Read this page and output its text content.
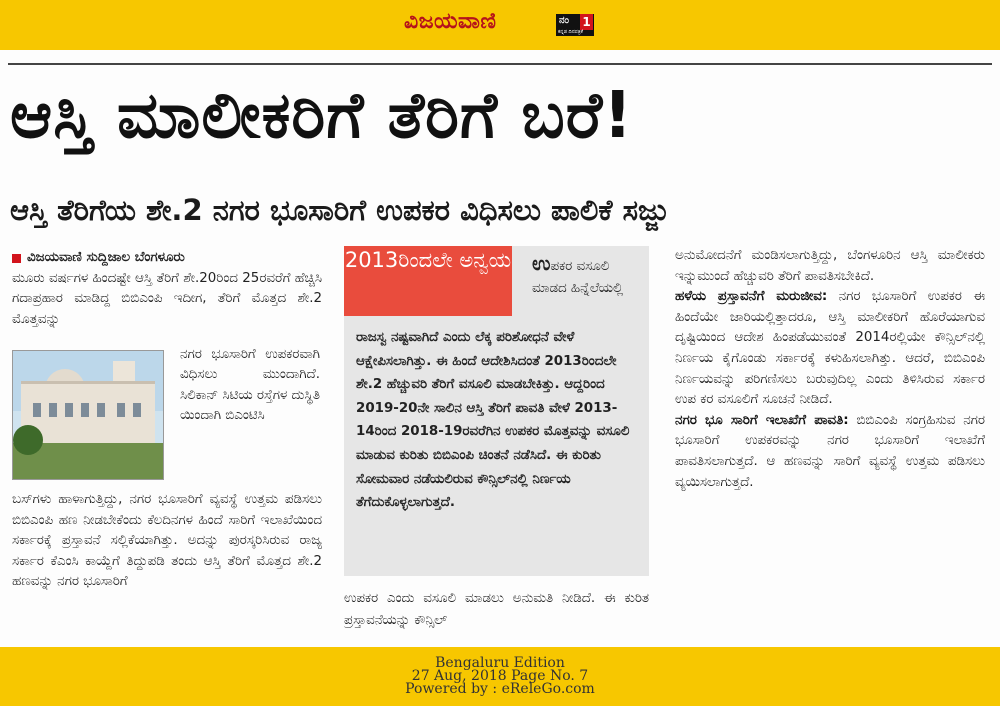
ವಿಜಯವಾಣಿ	ನಂ 1
ಕನ್ನಡ ದಿನಪತ್ರಿಕೆ
ಆಸ್ತಿ ಮಾಲೀಕರಿಗೆ ತೆರಿಗೆ ಬರೆ!
ಆಸ್ತಿ ತೆರಿಗೆಯ ಶೇ.2 ನಗರ ಭೂಸಾರಿಗೆ ಉಪಕರ ವಿಧಿಸಲು ಪಾಲಿಕೆ ಸಜ್ಜು
ವಿಜಯವಾಣಿ ಸುದ್ದಿಜಾಲ ಬೆಂಗಳೂರು
ಮೂರು ವರ್ಷಗಳ ಹಿಂದಷ್ಟೇ ಆಸ್ತಿ ತೆರಿಗೆ ಶೇ.20ರಿಂದ 25ರವರೆಗೆ ಹೆಚ್ಚಿಸಿ ಗದಾಪ್ರಹಾರ ಮಾಡಿದ್ದ ಬಿಬಿಎಂಪಿ ಇದೀಗ, ತೆರಿಗೆ ಮೊತ್ತದ ಶೇ.2 ಮೊತ್ತವನ್ನು
ನಗರ ಭೂಸಾರಿಗೆ ಉಪಕರವಾಗಿ ವಿಧಿಸಲು ಮುಂದಾಗಿದೆ. ಸಿಲಿಕಾನ್ ಸಿಟಿಯ ರಸ್ತೆಗಳ ದುಸ್ಥಿತಿ ಯಿಂದಾಗಿ ಬಿಎಂಟಿಸಿ
ಬಸ್‌ಗಳು ಹಾಳಾಗುತ್ತಿದ್ದು, ನಗರ ಭೂಸಾರಿಗೆ ವ್ಯವಸ್ಥೆ ಉತ್ತಮ ಪಡಿಸಲು ಬಿಬಿಎಂಪಿ ಹಣ ನೀಡಬೇಕೆಂದು ಕೆಲದಿನಗಳ ಹಿಂದೆ ಸಾರಿಗೆ ಇಲಾಖೆಯಿಂದ ಸರ್ಕಾರಕ್ಕೆ ಪ್ರಸ್ತಾವನೆ ಸಲ್ಲಿಕೆಯಾಗಿತ್ತು. ಅದನ್ನು ಪುರಸ್ಕರಿಸಿರುವ ರಾಜ್ಯ ಸರ್ಕಾರ ಕೆಎಂಸಿ ಕಾಯ್ದೆಗೆ ತಿದ್ದುಪಡಿ ತಂದು ಆಸ್ತಿ ತೆರಿಗೆ ಮೊತ್ತದ ಶೇ.2 ಹಣವನ್ನು ನಗರ ಭೂಸಾರಿಗೆ
2013ರಿಂದಲೇ ಅನ್ವಯ ಉಪಕರ ವಸೂಲಿ ಮಾಡದ ಹಿನ್ನೆಲೆಯಲ್ಲಿ
ರಾಜಸ್ವ ನಷ್ಟವಾಗಿದೆ ಎಂದು ಲೆಕ್ಕ ಪರಿಶೋಧನೆ ವೇಳೆ ಆಕ್ಷೇಪಿಸಲಾಗಿತ್ತು. ಈ ಹಿಂದೆ ಆದೇಶಿಸಿದಂತೆ 2013ರಿಂದಲೇ ಶೇ.2 ಹೆಚ್ಚುವರಿ ತೆರಿಗೆ ವಸೂಲಿ ಮಾಡಬೇಕಿತ್ತು. ಆದ್ದರಿಂದ 2019-20ನೇ ಸಾಲಿನ ಆಸ್ತಿ ತೆರಿಗೆ ಪಾವತಿ ವೇಳೆ 2013-14ರಿಂದ 2018-19ರವರೆಗಿನ ಉಪಕರ ಮೊತ್ತವನ್ನು ವಸೂಲಿ ಮಾಡುವ ಕುರಿತು ಬಿಬಿಎಂಪಿ ಚಿಂತನೆ ನಡೆಸಿದೆ. ಈ ಕುರಿತು ಸೋಮವಾರ ನಡೆಯಲಿರುವ ಕೌನ್ಸಿಲ್‌ನಲ್ಲಿ ನಿರ್ಣಯ ತೆಗೆದುಕೊಳ್ಳಲಾಗುತ್ತದೆ.
ಉಪಕರ ಎಂದು ವಸೂಲಿ ಮಾಡಲು ಅನುಮತಿ ನೀಡಿದೆ. ಈ ಕುರಿತ ಪ್ರಸ್ತಾವನೆಯನ್ನು ಕೌನ್ಸಿಲ್
ಅನುಮೋದನೆಗೆ ಮಂಡಿಸಲಾಗುತ್ತಿದ್ದು, ಬೆಂಗಳೂರಿನ ಆಸ್ತಿ ಮಾಲೀಕರು ಇನ್ನುಮುಂದೆ ಹೆಚ್ಚುವರಿ ತೆರಿಗೆ ಪಾವತಿಸಬೇಕಿದೆ.
ಹಳೆಯ ಪ್ರಸ್ತಾವನೆಗೆ ಮರುಜೀವ: ನಗರ ಭೂಸಾರಿಗೆ ಉಪಕರ ಈ ಹಿಂದೆಯೇ ಜಾರಿಯಲ್ಲಿತ್ತಾದರೂ, ಆಸ್ತಿ ಮಾಲೀಕರಿಗೆ ಹೊರೆಯಾಗುವ ದೃಷ್ಟಿಯಿಂದ ಆದೇಶ ಹಿಂಪಡೆಯುವಂತೆ 2014ರಲ್ಲಿಯೇ ಕೌನ್ಸಿಲ್‌ನಲ್ಲಿ ನಿರ್ಣಯ ಕೈಗೊಂಡು ಸರ್ಕಾರಕ್ಕೆ ಕಳುಹಿಸಲಾಗಿತ್ತು. ಆದರೆ, ಬಿಬಿಎಂಪಿ ನಿರ್ಣಯವನ್ನು ಪರಿಗಣಿಸಲು ಬರುವುದಿಲ್ಲ ಎಂದು ತಿಳಿಸಿರುವ ಸರ್ಕಾರ ಉಪ ಕರ ವಸೂಲಿಗೆ ಸೂಚನೆ ನೀಡಿದೆ.
ನಗರ ಭೂ ಸಾರಿಗೆ ಇಲಾಖೆಗೆ ಪಾವತಿ: ಬಿಬಿಎಂಪಿ ಸಂಗ್ರಹಿಸುವ ನಗರ ಭೂಸಾರಿಗೆ ಉಪಕರವನ್ನು ನಗರ ಭೂಸಾರಿಗೆ ಇಲಾಖೆಗೆ ಪಾವತಿಸಲಾಗುತ್ತದೆ. ಆ ಹಣವನ್ನು ಸಾರಿಗೆ ವ್ಯವಸ್ಥೆ ಉತ್ತಮ ಪಡಿಸಲು ವ್ಯಯಿಸಲಾಗುತ್ತದೆ.
Bengaluru Edition
27 Aug, 2018 Page No. 7
Powered by : eReleGo.com
